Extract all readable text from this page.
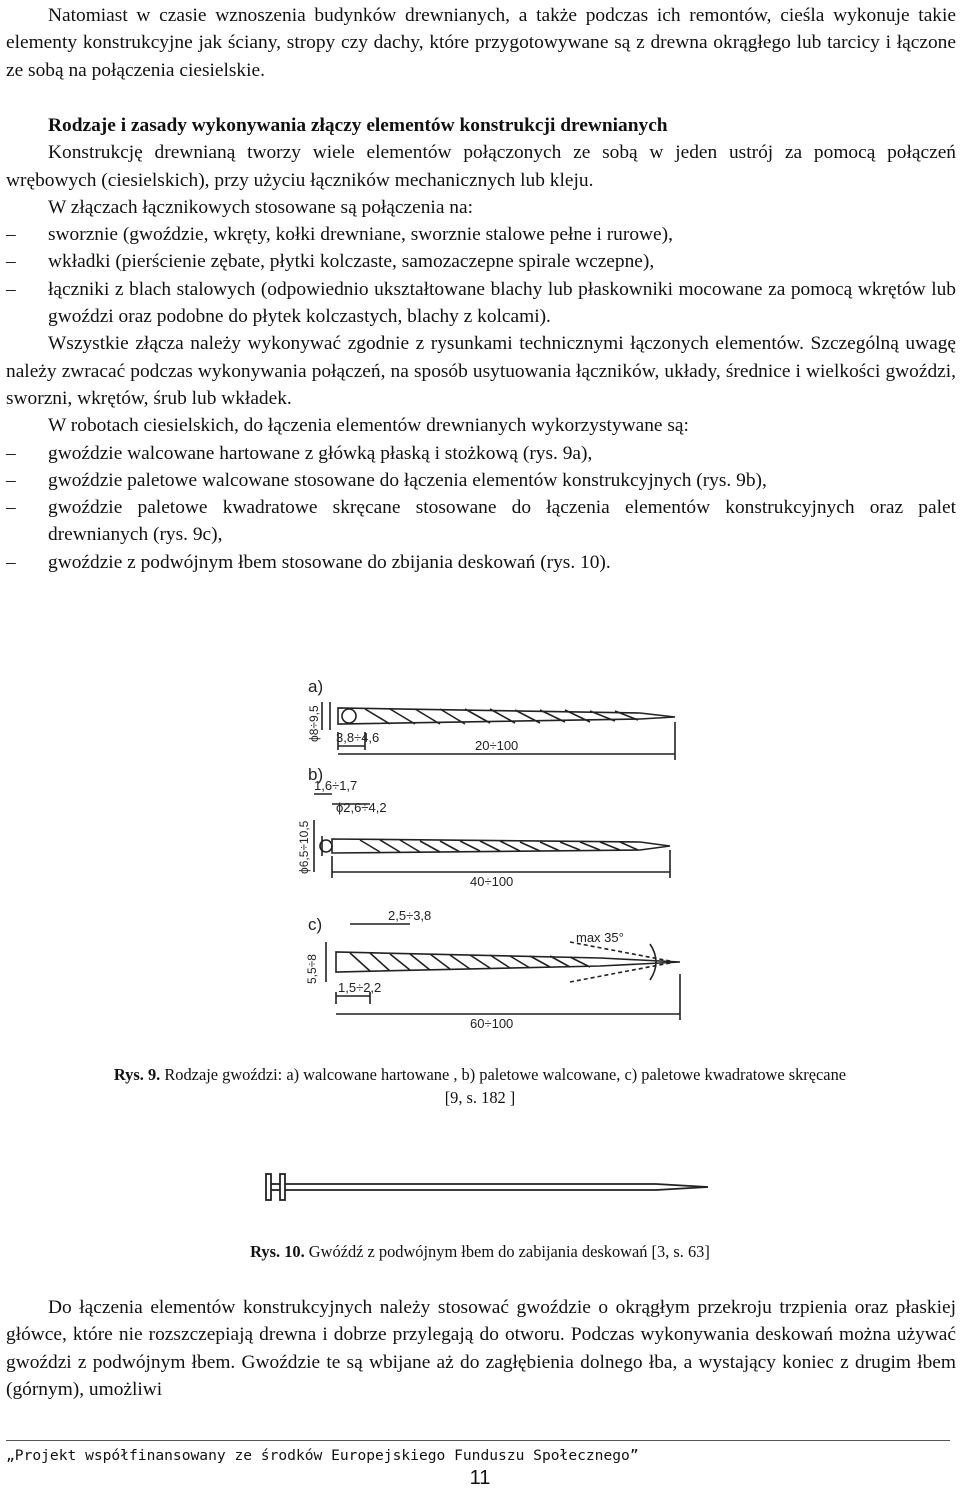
Natomiast w czasie wznoszenia budynków drewnianych, a także podczas ich remontów, cieśla wykonuje takie elementy konstrukcyjne jak ściany, stropy czy dachy, które przygotowywane są z drewna okrągłego lub tarcicy i łączone ze sobą na połączenia ciesielskie.
Rodzaje i zasady wykonywania złączy elementów konstrukcji drewnianych
Konstrukcję drewnianą tworzy wiele elementów połączonych ze sobą w jeden ustrój za pomocą połączeń wrębowych (ciesielskich), przy użyciu łączników mechanicznych lub kleju.
W złączach łącznikowych stosowane są połączenia na:
– sworznie (gwoździe, wkręty, kołki drewniane, sworznie stalowe pełne i rurowe),
– wkładki (pierścienie zębate, płytki kolczaste, samozaczepne spirale wczepne),
– łączniki z blach stalowych (odpowiednio ukształtowane blachy lub płaskowniki mocowane za pomocą wkrętów lub gwoździ oraz podobne do płytek kolczastych, blachy z kolcami).
Wszystkie złącza należy wykonywać zgodnie z rysunkami technicznymi łączonych elementów. Szczególną uwagę należy zwracać podczas wykonywania połączeń, na sposób usytuowania łączników, układy, średnice i wielkości gwoździ, sworzni, wkrętów, śrub lub wkładek.
W robotach ciesielskich, do łączenia elementów drewnianych wykorzystywane są:
– gwoździe walcowane hartowane z główką płaską i stożkową (rys. 9a),
– gwoździe paletowe walcowane stosowane do łączenia elementów konstrukcyjnych (rys. 9b),
– gwoździe paletowe kwadratowe skręcane stosowane do łączenia elementów konstrukcyjnych oraz palet drewnianych (rys. 9c),
– gwoździe z podwójnym łbem stosowane do zbijania deskowań (rys. 10).
a)
ϕ8÷9,5 3,8÷4,6
20÷100
b)
1,6÷1,7
ϕ2,6÷4,2
ϕ6,5÷10,5
40÷100
c)	2,5÷3,8
max 35°
5,5÷8
1,5÷2,2
60÷100
Rys. 9. Rodzaje gwoździ: a) walcowane hartowane , b) paletowe walcowane, c) paletowe kwadratowe skręcane
[9, s. 182 ]
Rys. 10. Gwóźdź z podwójnym łbem do zabijania deskowań [3, s. 63]
Do łączenia elementów konstrukcyjnych należy stosować gwoździe o okrągłym przekroju trzpienia oraz płaskiej główce, które nie rozszczepiają drewna i dobrze przylegają do otworu. Podczas wykonywania deskowań można używać gwoździ z podwójnym łbem. Gwoździe te są wbijane aż do zagłębienia dolnego łba, a wystający koniec z drugim łbem (górnym), umożliwi
„Projekt współfinansowany ze środków Europejskiego Funduszu Społecznego”
11
